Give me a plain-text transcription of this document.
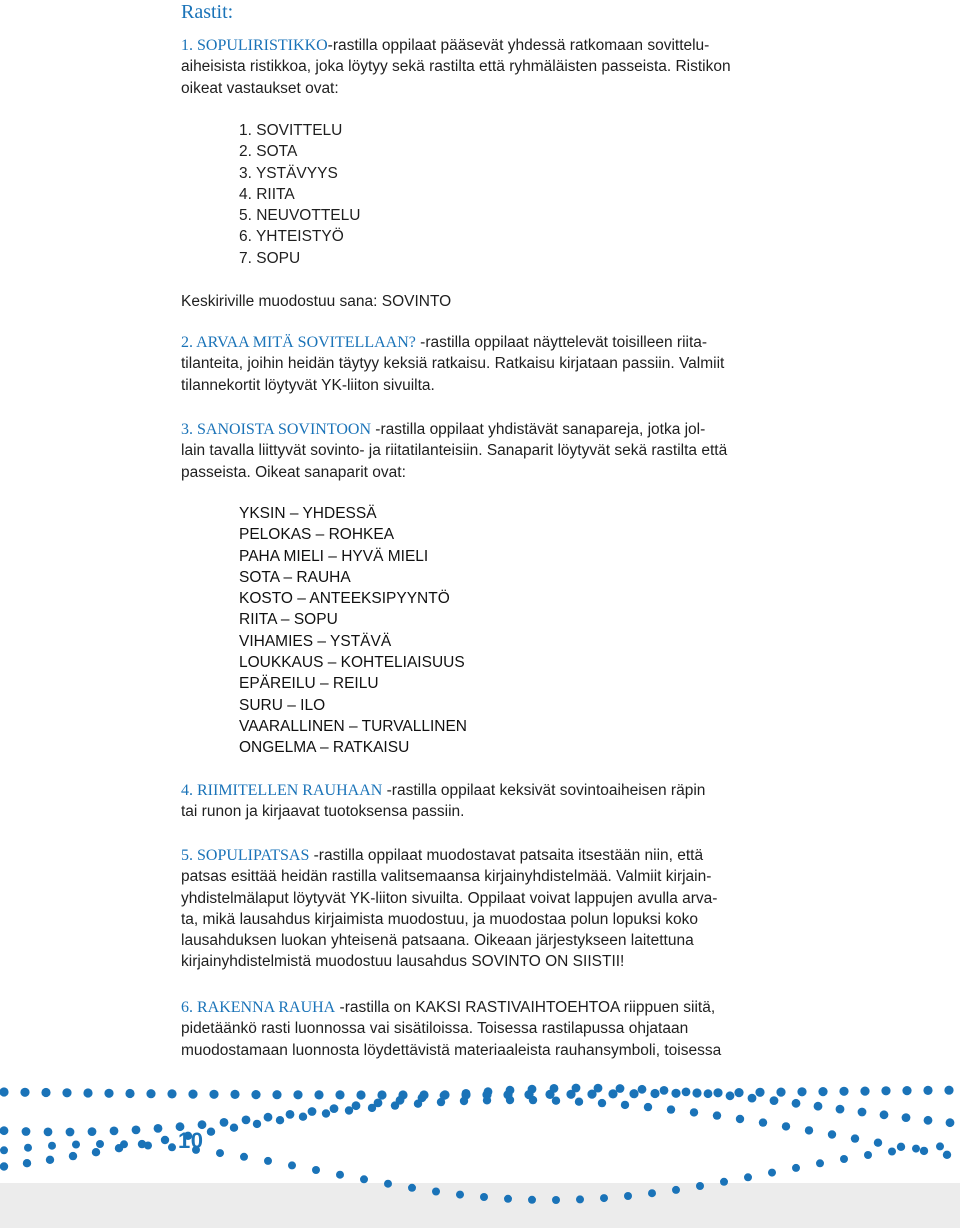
Rastit:
1. SOPULIRISTIKKO-rastilla oppilaat pääsevät yhdessä ratkomaan sovittelu-
aiheisista ristikkoa, joka löytyy sekä rastilta että ryhmäläisten passeista. Ristikon
oikeat vastaukset ovat:
1. SOVITTELU
2. SOTA
3. YSTÄVYYS
4. RIITA
5. NEUVOTTELU
6. YHTEISTYÖ
7. SOPU

Keskiriville muodostuu sana: SOVINTO

2. ARVAA MITÄ SOVITELLAAN? -rastilla oppilaat näyttelevät toisilleen riita-
tilanteita, joihin heidän täytyy keksiä ratkaisu. Ratkaisu kirjataan passiin. Valmiit
tilannekortit löytyvät YK-liiton sivuilta.
3. SANOISTA SOVINTOON -rastilla oppilaat yhdistävät sanapareja, jotka jol-
lain tavalla liittyvät sovinto- ja riitatilanteisiin. Sanaparit löytyvät sekä rastilta että
passeista. Oikeat sanaparit ovat:
YKSIN – YHDESSÄ
PELOKAS – ROHKEA
PAHA MIELI – HYVÄ MIELI
SOTA – RAUHA
KOSTO – ANTEEKSIPYYNTÖ
RIITA – SOPU
VIHAMIES – YSTÄVÄ
LOUKKAUS – KOHTELIAISUUS
EPÄREILU – REILU
SURU – ILO
VAARALLINEN – TURVALLINEN
ONGELMA – RATKAISU
4. RIIMITELLEN RAUHAAN -rastilla oppilaat keksivät sovintoaiheisen räpin
tai runon ja kirjaavat tuotoksensa passiin.
5. SOPULIPATSAS -rastilla oppilaat muodostavat patsaita itsestään niin, että
patsas esittää heidän rastilla valitsemaansa kirjainyhdistelmää. Valmiit kirjain-
yhdistelmälaput löytyvät YK-liiton sivuilta. Oppilaat voivat lappujen avulla arva-
ta, mikä lausahdus kirjaimista muodostuu, ja muodostaa polun lopuksi koko
lausahduksen luokan yhteisenä patsaana. Oikeaan järjestykseen laitettuna
kirjainyhdistelmistä muodostuu lausahdus SOVINTO ON SIISTII!
6. RAKENNA RAUHA -rastilla on KAKSI RASTIVAIHTOEHTOA riippuen siitä,
pidetäänkö rasti luonnossa vai sisätiloissa. Toisessa rastilapussa ohjataan
muodostamaan luonnosta löydettävistä materiaaleista rauhansymboli, toisessa

10
